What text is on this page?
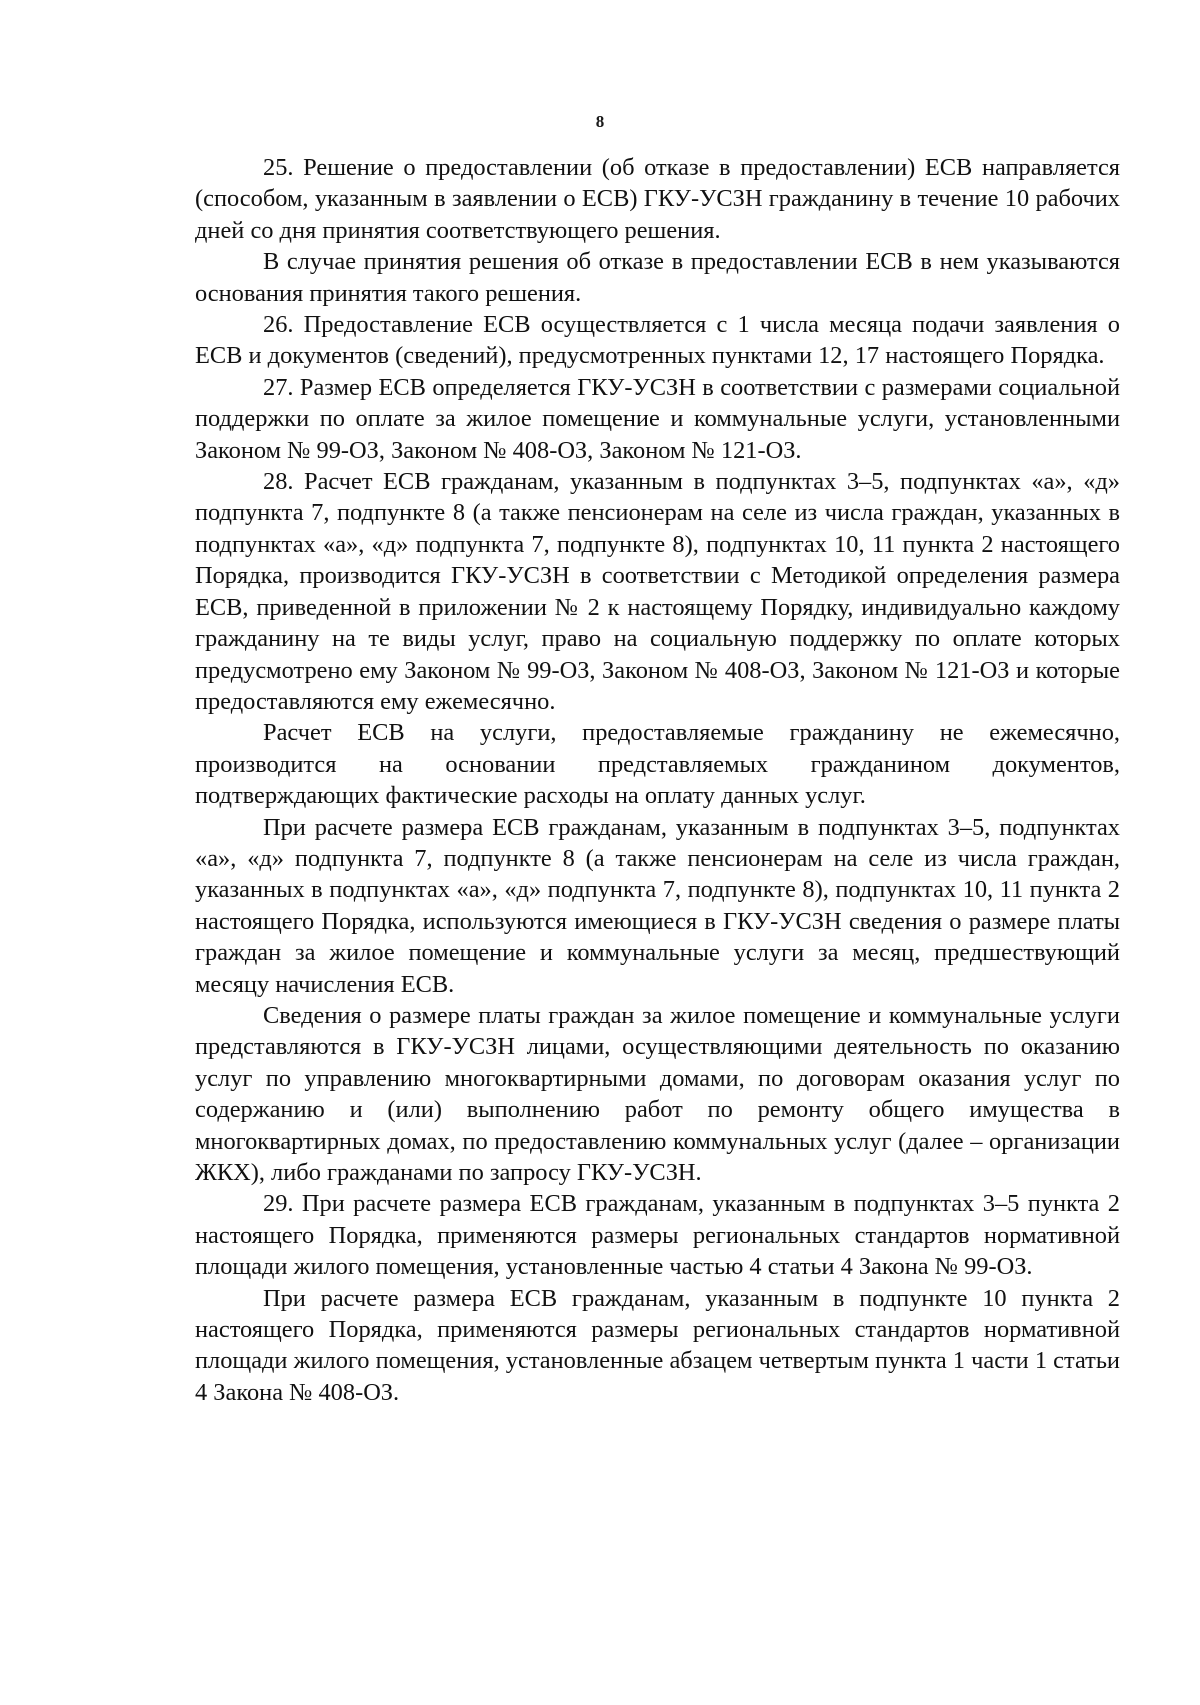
8

25. Решение о предоставлении (об отказе в предоставлении) ЕСВ направляется (способом, указанным в заявлении о ЕСВ) ГКУ-УСЗН гражданину в течение 10 рабочих дней со дня принятия соответствующего решения.

В случае принятия решения об отказе в предоставлении ЕСВ в нем указываются основания принятия такого решения.

26. Предоставление ЕСВ осуществляется с 1 числа месяца подачи заявления о ЕСВ и документов (сведений), предусмотренных пунктами 12, 17 настоящего Порядка.

27. Размер ЕСВ определяется ГКУ-УСЗН в соответствии с размерами социальной поддержки по оплате за жилое помещение и коммунальные услуги, установленными Законом № 99-ОЗ, Законом № 408-ОЗ, Законом № 121-ОЗ.

28. Расчет ЕСВ гражданам, указанным в подпунктах 3–5, подпунктах «а», «д» подпункта 7, подпункте 8 (а также пенсионерам на селе из числа граждан, указанных в подпунктах «а», «д» подпункта 7, подпункте 8), подпунктах 10, 11 пункта 2 настоящего Порядка, производится ГКУ-УСЗН в соответствии с Методикой определения размера ЕСВ, приведенной в приложении № 2 к настоящему Порядку, индивидуально каждому гражданину на те виды услуг, право на социальную поддержку по оплате которых предусмотрено ему Законом № 99-ОЗ, Законом № 408-ОЗ, Законом № 121-ОЗ и которые предоставляются ему ежемесячно.

Расчет ЕСВ на услуги, предоставляемые гражданину не ежемесячно, производится на основании представляемых гражданином документов, подтверждающих фактические расходы на оплату данных услуг.

При расчете размера ЕСВ гражданам, указанным в подпунктах 3–5, подпунктах «а», «д» подпункта 7, подпункте 8 (а также пенсионерам на селе из числа граждан, указанных в подпунктах «а», «д» подпункта 7, подпункте 8), подпунктах 10, 11 пункта 2 настоящего Порядка, используются имеющиеся в ГКУ-УСЗН сведения о размере платы граждан за жилое помещение и коммунальные услуги за месяц, предшествующий месяцу начисления ЕСВ.

Сведения о размере платы граждан за жилое помещение и коммунальные услуги представляются в ГКУ-УСЗН лицами, осуществляющими деятельность по оказанию услуг по управлению многоквартирными домами, по договорам оказания услуг по содержанию и (или) выполнению работ по ремонту общего имущества в многоквартирных домах, по предоставлению коммунальных услуг (далее – организации ЖКХ), либо гражданами по запросу ГКУ-УСЗН.

29. При расчете размера ЕСВ гражданам, указанным в подпунктах 3–5 пункта 2 настоящего Порядка, применяются размеры региональных стандартов нормативной площади жилого помещения, установленные частью 4 статьи 4 Закона № 99-ОЗ.

При расчете размера ЕСВ гражданам, указанным в подпункте 10 пункта 2 настоящего Порядка, применяются размеры региональных стандартов нормативной площади жилого помещения, установленные абзацем четвертым пункта 1 части 1 статьи 4 Закона № 408-ОЗ.
